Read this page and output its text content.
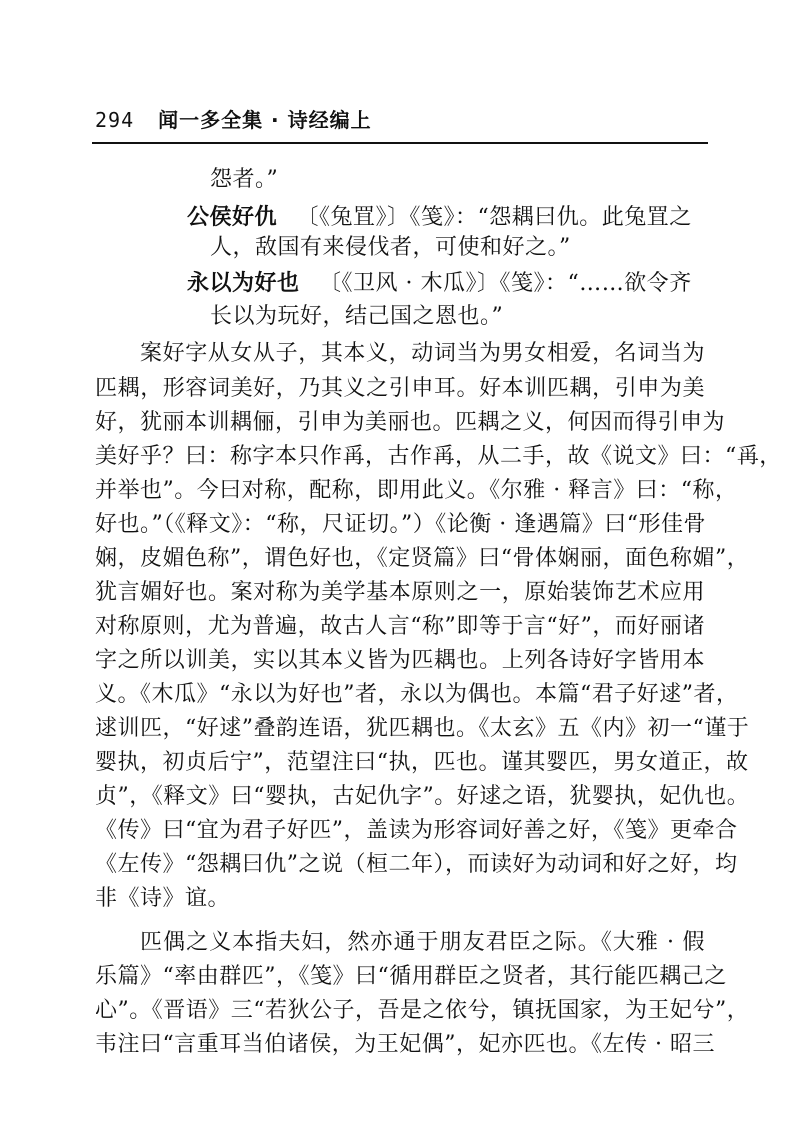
294 闻一多全集 · 诗经编上
怨者。”
公侯好仇 〔《兔罝》〕《笺》：“怨耦曰仇。此兔罝之
人，敌国有来侵伐者，可使和好之。”
永以为好也 〔《卫风 · 木瓜》〕《笺》：“……欲令齐
长以为玩好，结己国之恩也。”
案好字从女从子，其本义，动词当为男女相爱，名词当为
匹耦，形容词美好，乃其义之引申耳。好本训匹耦，引申为美
好，犹丽本训耦俪，引申为美丽也。匹耦之义，何因而得引申为
美好乎？曰：称字本只作爯，古作爯，从二手，故《说文》曰：“爯，
并举也”。今曰对称，配称，即用此义。《尔雅 · 释言》曰：“称，
好也。”（《释文》：“称，尺证切。”）《论衡 · 逢遇篇》曰“形佳骨
娴，皮媚色称”，谓色好也，《定贤篇》曰“骨体娴丽，面色称媚”，
犹言媚好也。案对称为美学基本原则之一，原始装饰艺术应用
对称原则，尤为普遍，故古人言“称”即等于言“好”，而好丽诸
字之所以训美，实以其本义皆为匹耦也。上列各诗好字皆用本
义。《木瓜》“永以为好也”者，永以为偶也。本篇“君子好逑”者，
逑训匹，“好逑”叠韵连语，犹匹耦也。《太玄》五《内》初一“谨于
婴执，初贞后宁”，范望注曰“执，匹也。谨其婴匹，男女道正，故
贞”，《释文》曰“婴执，古妃仇字”。好逑之语，犹婴执，妃仇也。
《传》曰“宜为君子好匹”，盖读为形容词好善之好，《笺》更牵合
《左传》“怨耦曰仇”之说（桓二年），而读好为动词和好之好，均
非《诗》谊。
匹偶之义本指夫妇，然亦通于朋友君臣之际。《大雅 · 假
乐篇》“率由群匹”，《笺》曰“循用群臣之贤者，其行能匹耦己之
心”。《晋语》三“若狄公子，吾是之依兮，镇抚国家，为王妃兮”，
韦注曰“言重耳当伯诸侯，为王妃偶”，妃亦匹也。《左传 · 昭三
